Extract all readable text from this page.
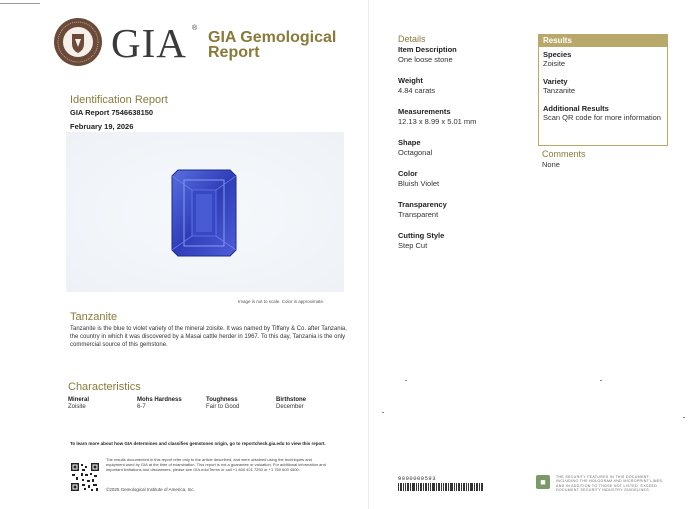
GIA ®
GIA Gemological
Report
Identification Report
GIA Report 7546638150
February 19, 2026
Image is not to scale. Color is approximate.
Tanzanite
Tanzanite is the blue to violet variety of the mineral zoisite. It was named by Tiffany & Co. after Tanzania, the country in which it was discovered by a Masai cattle herder in 1967. To this day, Tanzania is the only commercial source of this gemstone.
Characteristics
Mineral
Zoisite
Mohs Hardness
6-7
Toughness
Fair to Good
Birthstone
December
To learn more about how GIA determines and classifies gemstones origin, go to reportcheck.gia.edu to view this report.
The results documented in this report refer only to the article described, and were obtained using the techniques and equipment used by GIA at the time of examination. This report is not a guarantee or valuation. For additional information and important limitations and disclaimers, please see GIA.edu/Terms or call +1 800 421 7250 or +1 760 603 4500.
©2025 Gemological Institute of America, Inc.
Details
Item Description
One loose stone
Weight
4.84 carats
Measurements
12.13 x 8.99 x 5.01 mm
Shape
Octagonal
Color
Bluish Violet
Transparency
Transparent
Cutting Style
Step Cut
Results
Species
Zoisite
Variety
Tanzanite
Additional Results
Scan QR code for more information
Comments
None
9000009593	■	THE SECURITY FEATURES IN THIS DOCUMENT, INCLUDING THE HOLOGRAM AND MICROPRINT LINES, AND IN ADDITION TO THOSE NOT LISTED, EXCEED DOCUMENT SECURITY INDUSTRY GUIDELINES.
